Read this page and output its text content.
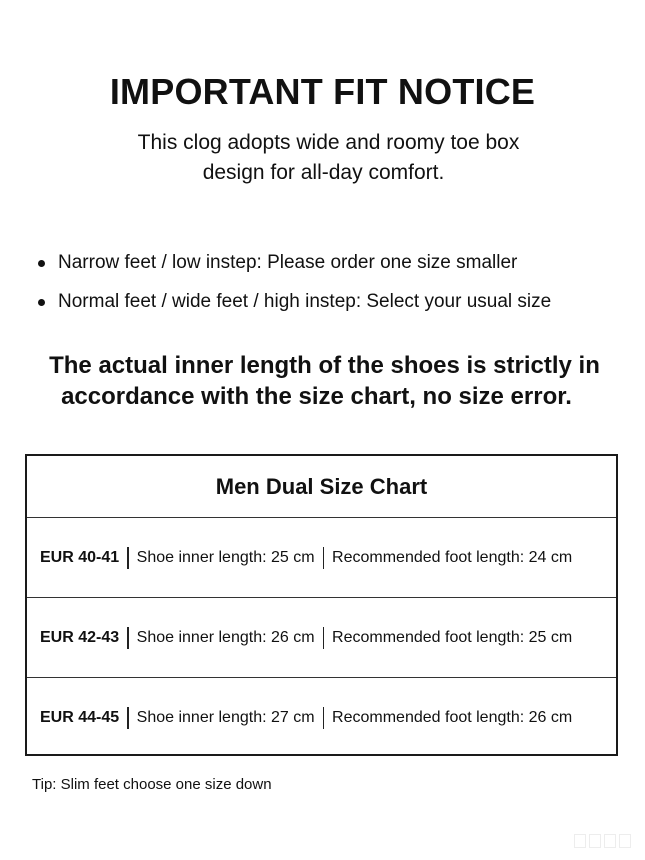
IMPORTANT FIT NOTICE
This clog adopts wide and roomy toe box
design for all-day comfort.
Narrow feet / low instep: Please order one size smaller
Normal feet / wide feet / high instep: Select your usual size
The actual inner length of the shoes is strictly in
accordance with the size chart, no size error.
Men Dual Size Chart
EUR 40-41 Shoe inner length: 25 cm Recommended foot length: 24 cm
EUR 42-43 Shoe inner length: 26 cm Recommended foot length: 25 cm
EUR 44-45 Shoe inner length: 27 cm Recommended foot length: 26 cm
Tip: Slim feet choose one size down
